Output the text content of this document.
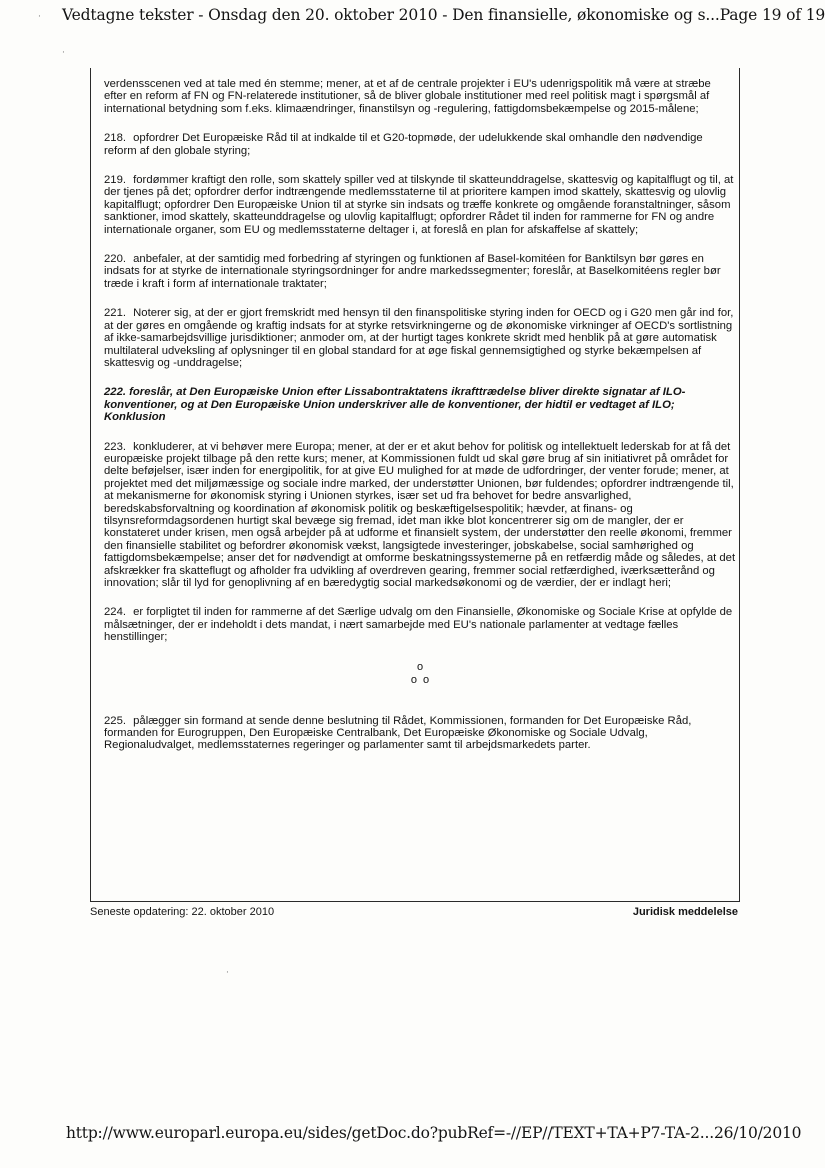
Vedtagne tekster - Onsdag den 20. oktober 2010 - Den finansielle, økonomiske og s... Page 19 of 19

verdensscenen ved at tale med én stemme; mener, at et af de centrale projekter i EU's udenrigspolitik må være at stræbe efter en reform af FN og FN-relaterede institutioner, så de bliver globale institutioner med reel politisk magt i spørgsmål af international betydning som f.eks. klimaændringer, finanstilsyn og -regulering, fattigdomsbekæmpelse og 2015-målene;

218. opfordrer Det Europæiske Råd til at indkalde til et G20-topmøde, der udelukkende skal omhandle den nødvendige reform af den globale styring;

219. fordømmer kraftigt den rolle, som skattely spiller ved at tilskynde til skatteunddragelse, skattesvig og kapitalflugt og til, at der tjenes på det; opfordrer derfor indtrængende medlemsstaterne til at prioritere kampen imod skattely, skattesvig og ulovlig kapitalflugt; opfordrer Den Europæiske Union til at styrke sin indsats og træffe konkrete og omgående foranstaltninger, såsom sanktioner, imod skattely, skatteunddragelse og ulovlig kapitalflugt; opfordrer Rådet til inden for rammerne for FN og andre internationale organer, som EU og medlemsstaterne deltager i, at foreslå en plan for afskaffelse af skattely;

220. anbefaler, at der samtidig med forbedring af styringen og funktionen af Basel-komitéen for Banktilsyn bør gøres en indsats for at styrke de internationale styringsordninger for andre markedssegmenter; foreslår, at Baselkomitéens regler bør træde i kraft i form af internationale traktater;

221. Noterer sig, at der er gjort fremskridt med hensyn til den finanspolitiske styring inden for OECD og i G20 men går ind for, at der gøres en omgående og kraftig indsats for at styrke retsvirkningerne og de økonomiske virkninger af OECD's sortlistning af ikke-samarbejdsvillige jurisdiktioner; anmoder om, at der hurtigt tages konkrete skridt med henblik på at gøre automatisk multilateral udveksling af oplysninger til en global standard for at øge fiskal gennemsigtighed og styrke bekæmpelsen af skattesvig og -unddragelse;

222. foreslår, at Den Europæiske Union efter Lissabontraktatens ikrafttrædelse bliver direkte signatar af ILO-konventioner, og at Den Europæiske Union underskriver alle de konventioner, der hidtil er vedtaget af ILO;

Konklusion

223. konkluderer, at vi behøver mere Europa; mener, at der er et akut behov for politisk og intellektuelt lederskab for at få det europæiske projekt tilbage på den rette kurs; mener, at Kommissionen fuldt ud skal gøre brug af sin initiativret på området for delte beføjelser, især inden for energipolitik, for at give EU mulighed for at møde de udfordringer, der venter forude; mener, at projektet med det miljømæssige og sociale indre marked, der understøtter Unionen, bør fuldendes; opfordrer indtrængende til, at mekanismerne for økonomisk styring i Unionen styrkes, især set ud fra behovet for bedre ansvarlighed, beredskabsforvaltning og koordination af økonomisk politik og beskæftigelsespolitik; hævder, at finans- og tilsynsreformdagsordenen hurtigt skal bevæge sig fremad, idet man ikke blot koncentrerer sig om de mangler, der er konstateret under krisen, men også arbejder på at udforme et finansielt system, der understøtter den reelle økonomi, fremmer den finansielle stabilitet og befordrer økonomisk vækst, langsigtede investeringer, jobskabelse, social samhørighed og fattigdomsbekæmpelse; anser det for nødvendigt at omforme beskatningssystemerne på en retfærdig måde og således, at det afskrækker fra skatteflugt og afholder fra udvikling af overdreven gearing, fremmer social retfærdighed, iværksætterånd og innovation; slår til lyd for genoplivning af en bæredygtig social markedsøkonomi og de værdier, der er indlagt heri;

224. er forpligtet til inden for rammerne af det Særlige udvalg om den Finansielle, Økonomiske og Sociale Krise at opfylde de målsætninger, der er indeholdt i dets mandat, i nært samarbejde med EU's nationale parlamenter at vedtage fælles henstillinger;

o
o  o

225. pålægger sin formand at sende denne beslutning til Rådet, Kommissionen, formanden for Det Europæiske Råd, formanden for Eurogruppen, Den Europæiske Centralbank, Det Europæiske Økonomiske og Sociale Udvalg, Regionaludvalget, medlemsstaternes regeringer og parlamenter samt til arbejdsmarkedets parter.

Seneste opdatering: 22. oktober 2010	Juridisk meddelelse
http://www.europarl.europa.eu/sides/getDoc.do?pubRef=-//EP//TEXT+TA+P7-TA-2... 26/10/2010
·
·
·
